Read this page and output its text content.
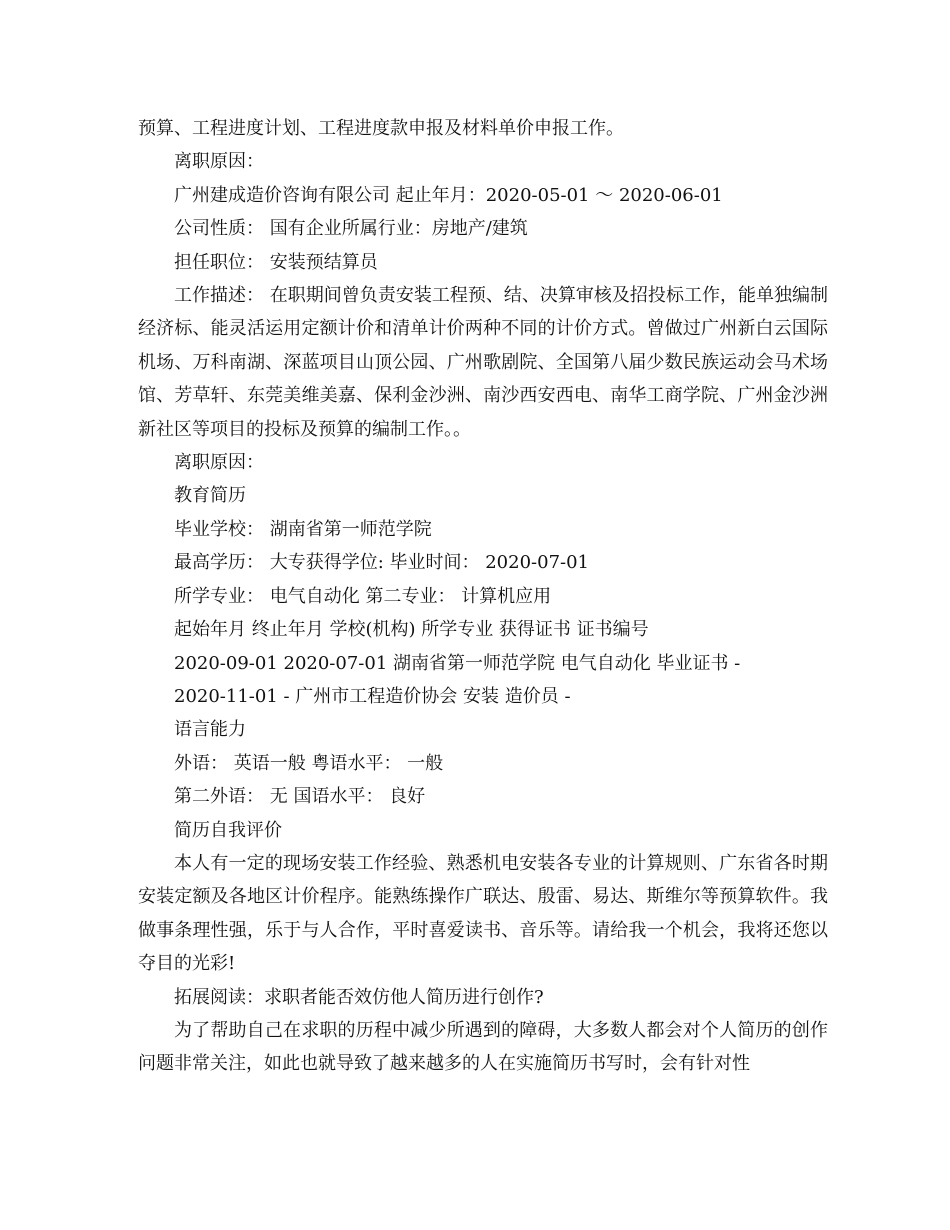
预算、工程进度计划、工程进度款申报及材料单价申报工作。

离职原因：

广州建成造价咨询有限公司 起止年月：2020-05-01 ～ 2020-06-01

公司性质： 国有企业所属行业：房地产/建筑

担任职位： 安装预结算员

工作描述： 在职期间曾负责安装工程预、结、决算审核及招投标工作，能单独编制经济标、能灵活运用定额计价和清单计价两种不同的计价方式。曾做过广州新白云国际机场、万科南湖、深蓝项目山顶公园、广州歌剧院、全国第八届少数民族运动会马术场馆、芳草轩、东莞美维美嘉、保利金沙洲、南沙西安西电、南华工商学院、广州金沙洲新社区等项目的投标及预算的编制工作。。

离职原因：

教育简历

毕业学校： 湖南省第一师范学院

最高学历： 大专获得学位: 毕业时间： 2020-07-01

所学专业： 电气自动化 第二专业： 计算机应用

起始年月 终止年月 学校(机构) 所学专业 获得证书 证书编号

2020-09-01 2020-07-01 湖南省第一师范学院 电气自动化 毕业证书 -

2020-11-01 - 广州市工程造价协会 安装 造价员 -

语言能力

外语： 英语一般 粤语水平： 一般

第二外语： 无 国语水平： 良好

简历自我评价

本人有一定的现场安装工作经验、熟悉机电安装各专业的计算规则、广东省各时期安装定额及各地区计价程序。能熟练操作广联达、殷雷、易达、斯维尔等预算软件。我做事条理性强，乐于与人合作，平时喜爱读书、音乐等。请给我一个机会，我将还您以夺目的光彩!

拓展阅读：求职者能否效仿他人简历进行创作?

为了帮助自己在求职的历程中减少所遇到的障碍，大多数人都会对个人简历的创作问题非常关注，如此也就导致了越来越多的人在实施简历书写时，会有针对性
